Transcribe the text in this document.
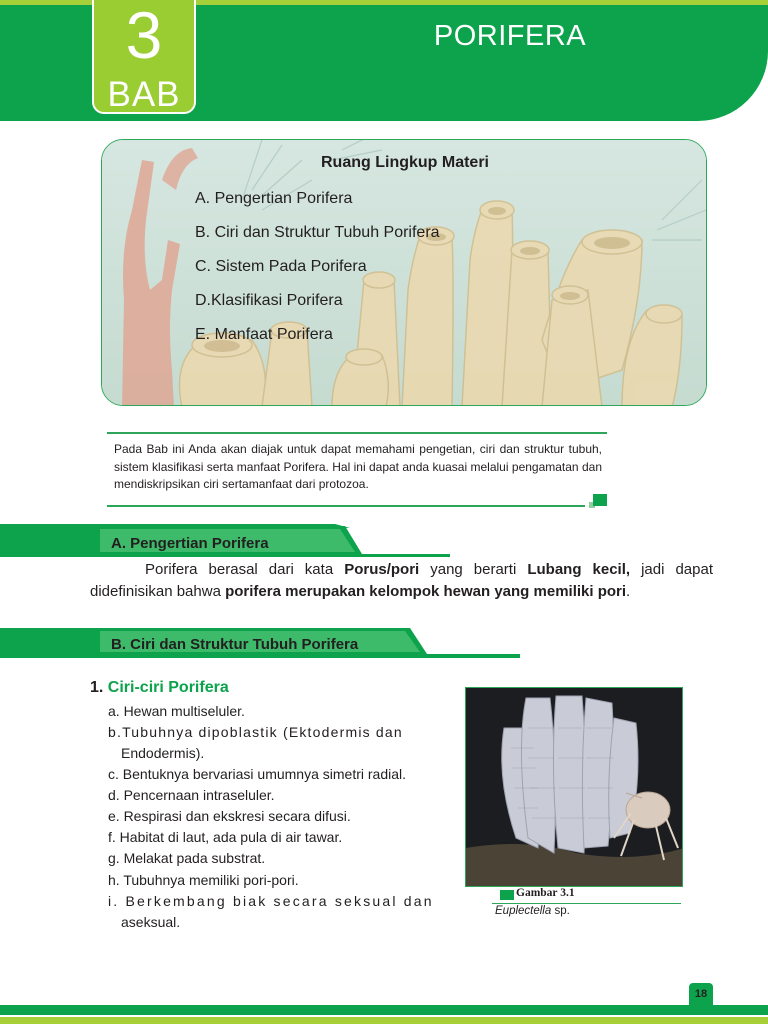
3
BAB
PORIFERA
Ruang Lingkup Materi
A. Pengertian Porifera
B. Ciri dan Struktur Tubuh Porifera
C. Sistem Pada Porifera
D.Klasifikasi Porifera
E. Manfaat Porifera
Pada Bab ini Anda akan diajak untuk dapat memahami pengetian, ciri dan struktur tubuh, sistem klasifikasi serta manfaat Porifera. Hal ini dapat anda kuasai melalui pengamatan dan mendiskripsikan ciri sertamanfaat dari protozoa.
A. Pengertian Porifera
Porifera berasal dari kata Porus/pori yang berarti Lubang kecil, jadi dapat didefinisikan bahwa porifera merupakan kelompok hewan yang memiliki pori.
B. Ciri dan Struktur Tubuh Porifera
1. Ciri-ciri Porifera
a. Hewan multiseluler.
b.Tubuhnya dipoblastik (Ektodermis dan
Endodermis).
c. Bentuknya bervariasi umumnya simetri radial.
d. Pencernaan intraseluler.
e. Respirasi dan ekskresi secara difusi.
f. Habitat di laut, ada pula di air tawar.
g. Melakat pada substrat.
h. Tubuhnya memiliki pori-pori.
i. Berkembang biak secara seksual dan
aseksual.
Gambar 3.1
Euplectella sp.
18
